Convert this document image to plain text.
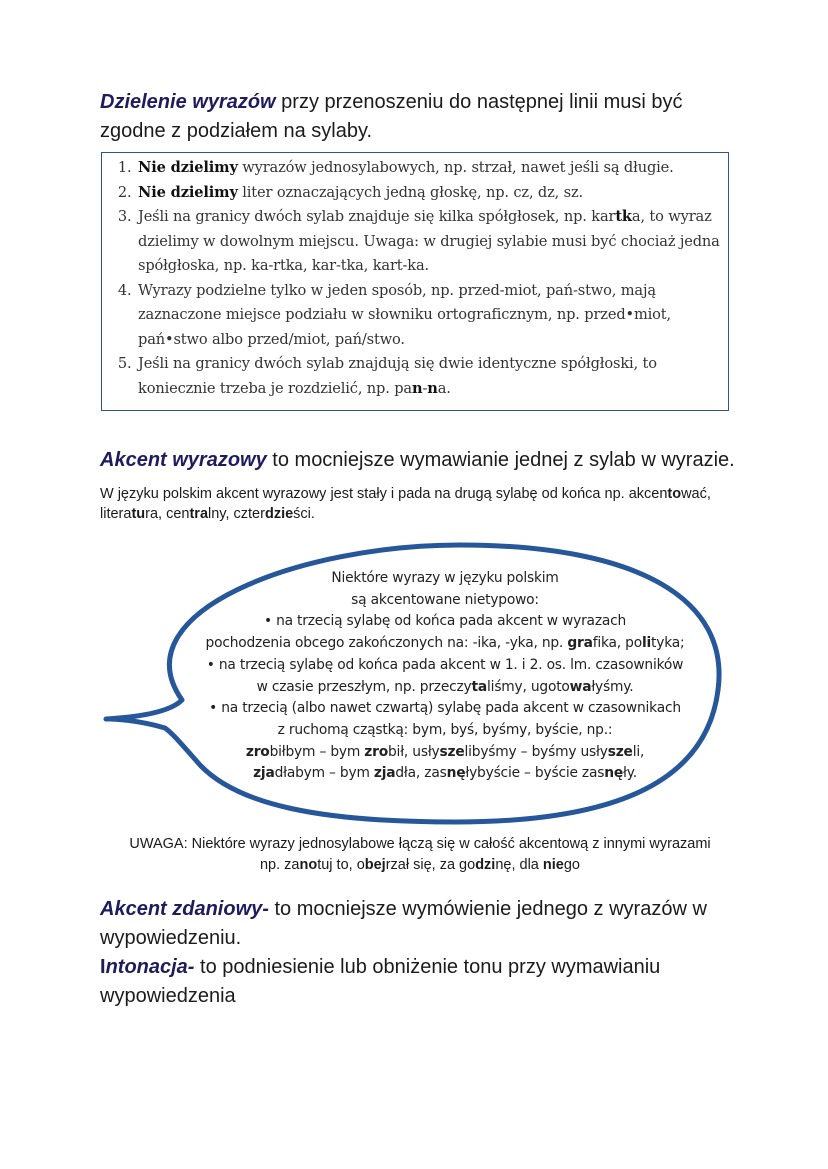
Dzielenie wyrazów przy przenoszeniu do następnej linii musi być
zgodne z podziałem na sylaby.
1. Nie dzielimy wyrazów jednosylabowych, np. strzał, nawet jeśli są długie.
2. Nie dzielimy liter oznaczających jedną głoskę, np. cz, dz, sz.
3. Jeśli na granicy dwóch sylab znajduje się kilka spółgłosek, np. kartka, to wyraz dzielimy w dowolnym miejscu. Uwaga: w drugiej sylabie musi być chociaż jedna spółgłoska, np. ka-rtka, kar-tka, kart-ka.
4. Wyrazy podzielne tylko w jeden sposób, np. przed-miot, pań-stwo, mają zaznaczone miejsce podziału w słowniku ortograficznym, np. przed•miot, pań•stwo albo przed/miot, pań/stwo.
5. Jeśli na granicy dwóch sylab znajdują się dwie identyczne spółgłoski, to koniecznie trzeba je rozdzielić, np. pan-na.
Akcent wyrazowy to mocniejsze wymawianie jednej z sylab w wyrazie.
W języku polskim akcent wyrazowy jest stały i pada na drugą sylabę od końca np. akcentować, literatura, centralny, czterdzieści.
Niektóre wyrazy w języku polskim
są akcentowane nietypowo:
• na trzecią sylabę od końca pada akcent w wyrazach
pochodzenia obcego zakończonych na: -ika, -yka, np. grafika, polityka;
• na trzecią sylabę od końca pada akcent w 1. i 2. os. lm. czasowników
w czasie przeszłym, np. przeczytaliśmy, ugotowałyśmy.
• na trzecią (albo nawet czwartą) sylabę pada akcent w czasownikach
z ruchomą cząstką: bym, byś, byśmy, byście, np.:
zrobiłbym – bym zrobił, usłyszelibyśmy – byśmy usłyszeli,
zjadłabym – bym zjadła, zasnęłybyście – byście zasnęły.
UWAGA: Niektóre wyrazy jednosylabowe łączą się w całość akcentową z innymi wyrazami
np. zanotuj to, obejrzał się, za godzinę, dla niego
Akcent zdaniowy- to mocniejsze wymówienie jednego z wyrazów w wypowiedzeniu.
Intonacja- to podniesienie lub obniżenie tonu przy wymawianiu wypowiedzenia
